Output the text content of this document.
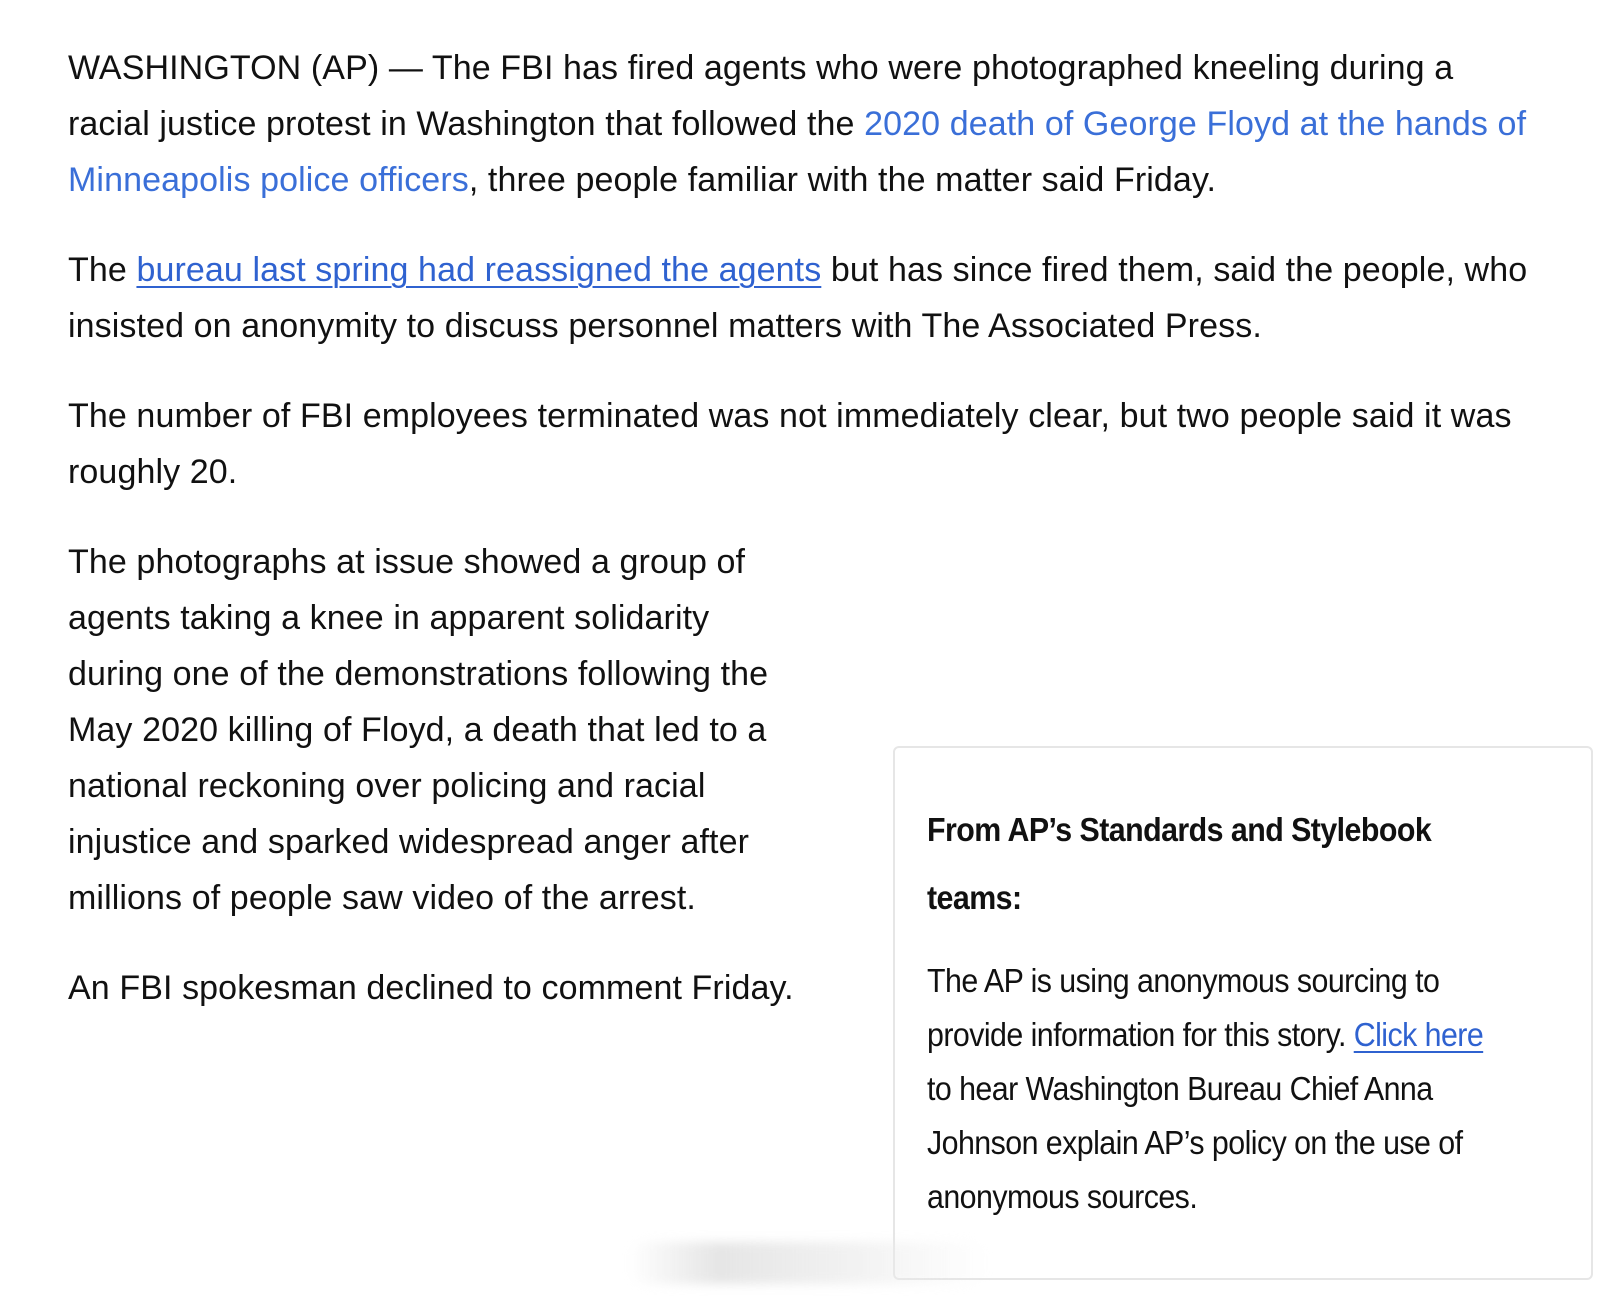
WASHINGTON (AP) — The FBI has fired agents who were photographed kneeling during a racial justice protest in Washington that followed the 2020 death of George Floyd at the hands of Minneapolis police officers, three people familiar with the matter said Friday.

The bureau last spring had reassigned the agents but has since fired them, said the people, who insisted on anonymity to discuss personnel matters with The Associated Press.

The number of FBI employees terminated was not immediately clear, but two people said it was roughly 20.

The photographs at issue showed a group of agents taking a knee in apparent solidarity during one of the demonstrations following the May 2020 killing of Floyd, a death that led to a national reckoning over policing and racial injustice and sparked widespread anger after millions of people saw video of the arrest.

An FBI spokesman declined to comment Friday.

From AP’s Standards and Stylebook teams:

The AP is using anonymous sourcing to provide information for this story. Click here to hear Washington Bureau Chief Anna Johnson explain AP’s policy on the use of anonymous sources.
